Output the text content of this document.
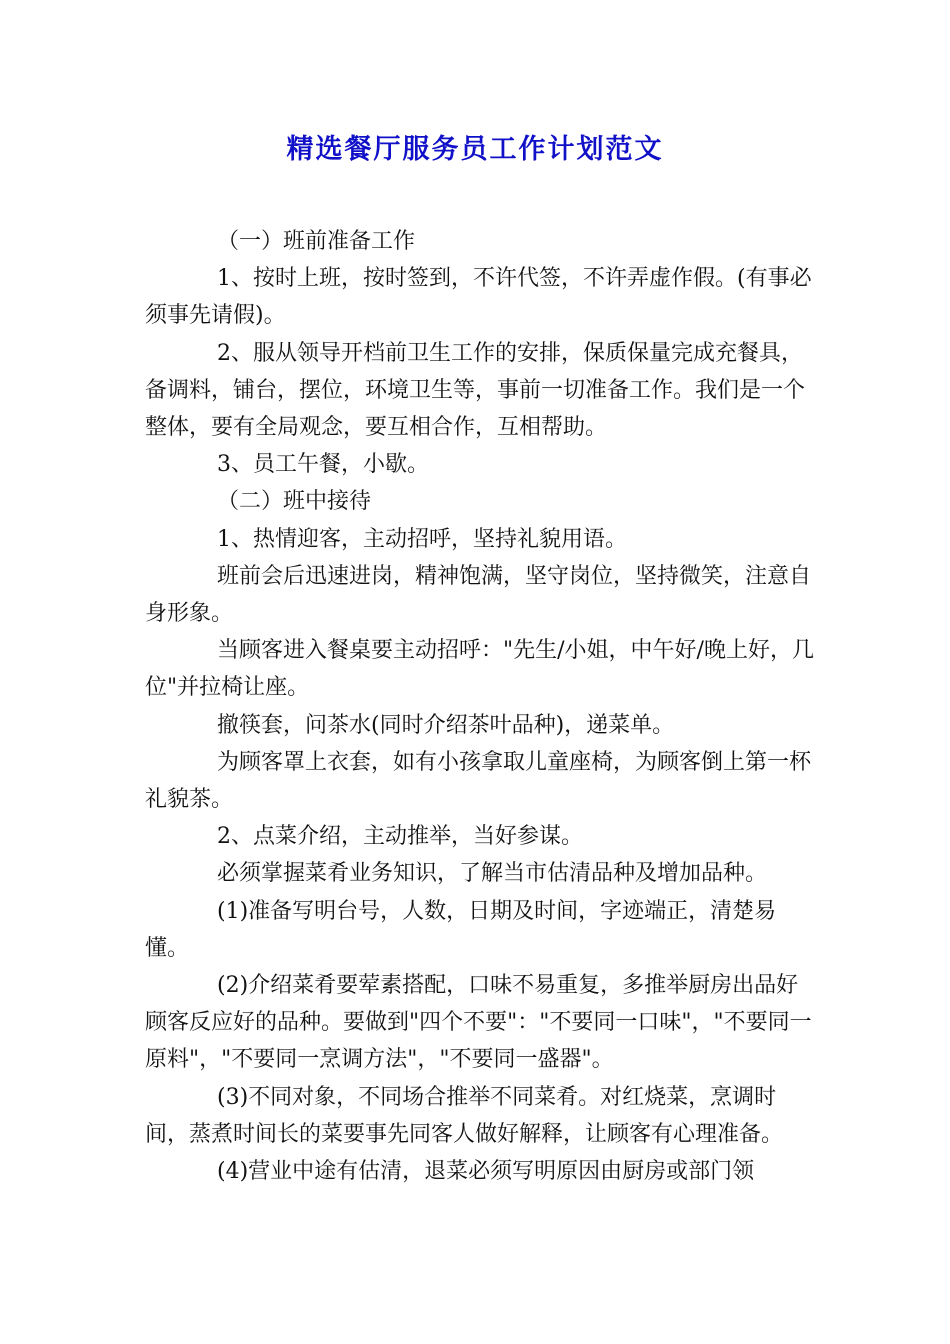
精选餐厅服务员工作计划范文

（一）班前准备工作

1、按时上班，按时签到，不许代签，不许弄虚作假。(有事必须事先请假)。

2、服从领导开档前卫生工作的安排，保质保量完成充餐具，备调料，铺台，摆位，环境卫生等，事前一切准备工作。我们是一个整体，要有全局观念，要互相合作，互相帮助。

3、员工午餐，小歇。

（二）班中接待

1、热情迎客，主动招呼，坚持礼貌用语。

班前会后迅速进岗，精神饱满，坚守岗位，坚持微笑，注意自身形象。

当顾客进入餐桌要主动招呼："先生/小姐，中午好/晚上好，几位"并拉椅让座。

撤筷套，问茶水(同时介绍茶叶品种)，递菜单。

为顾客罩上衣套，如有小孩拿取儿童座椅，为顾客倒上第一杯礼貌茶。

2、点菜介绍，主动推举，当好参谋。

必须掌握菜肴业务知识，了解当市估清品种及增加品种。

(1)准备写明台号，人数，日期及时间，字迹端正，清楚易懂。

(2)介绍菜肴要荤素搭配，口味不易重复，多推举厨房出品好顾客反应好的品种。要做到"四个不要"："不要同一口味"，"不要同一原料"，"不要同一烹调方法"，"不要同一盛器"。

(3)不同对象，不同场合推举不同菜肴。对红烧菜，烹调时间，蒸煮时间长的菜要事先同客人做好解释，让顾客有心理准备。

(4)营业中途有估清，退菜必须写明原因由厨房或部门领
